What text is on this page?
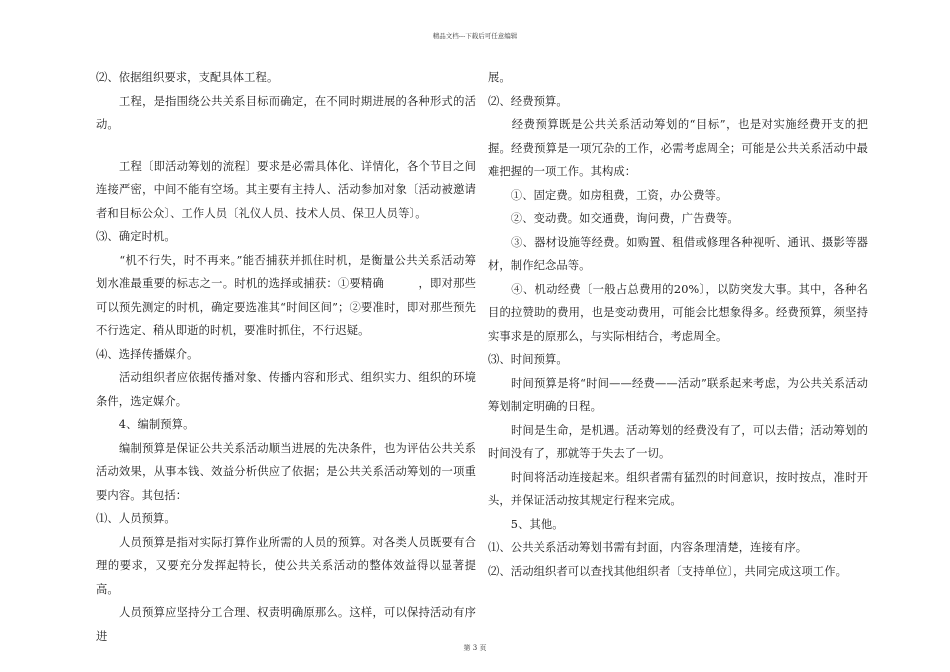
精品文档---下载后可任意编辑

⑵、依据组织要求，支配具体工程。

　　工程，是指围绕公共关系目标而确定，在不同时期进展的各种形式的活动。

　　工程〔即活动筹划的流程〕要求是必需具体化、详情化，各个节目之间连接严密，中间不能有空场。其主要有主持人、活动参加对象〔活动被邀请者和目标公众〕、工作人员〔礼仪人员、技术人员、保卫人员等〕。

⑶、确定时机。

　　“机不行失，时不再来。”能否捕获并抓住时机，是衡量公共关系活动筹划水准最重要的标志之一。时机的选择或捕获：①要精确　　　，即对那些可以预先测定的时机，确定要选准其“时间区间”；②要准时，即对那些预先不行选定、稍从即逝的时机，要准时抓住，不行迟疑。

⑷、选择传播媒介。

　　活动组织者应依据传播对象、传播内容和形式、组织实力、组织的环境条件，选定媒介。

　　4、编制预算。

　　编制预算是保证公共关系活动顺当进展的先决条件，也为评估公共关系活动效果，从事本钱、效益分析供应了依据；是公共关系活动筹划的一项重要内容。其包括：

⑴、人员预算。

　　人员预算是指对实际打算作业所需的人员的预算。对各类人员既要有合理的要求，又要充分发挥起特长，使公共关系活动的整体效益得以显著提高。

　　人员预算应坚持分工合理、权责明确原那么。这样，可以保持活动有序进

展。

⑵、经费预算。

　　经费预算既是公共关系活动筹划的“目标”，也是对实施经费开支的把握。经费预算是一项冗杂的工作，必需考虑周全；可能是公共关系活动中最难把握的一项工作。其构成：

　　①、固定费。如房租费，工资，办公费等。

　　②、变动费。如交通费，询问费，广告费等。

　　③、器材设施等经费。如购置、租借或修理各种视听、通讯、摄影等器材，制作纪念品等。

　　④、机动经费〔一般占总费用的20%〕，以防突发大事。其中，各种名目的拉赞助的费用，也是变动费用，可能会比想象得多。经费预算，须坚持实事求是的原那么，与实际相结合，考虑周全。

⑶、时间预算。

　　时间预算是将“时间——经费——活动”联系起来考虑，为公共关系活动筹划制定明确的日程。

　　时间是生命，是机遇。活动筹划的经费没有了，可以去借；活动筹划的时间没有了，那就等于失去了一切。

　　时间将活动连接起来。组织者需有猛烈的时间意识，按时按点，准时开头，并保证活动按其规定行程来完成。

　　5、其他。

⑴、公共关系活动筹划书需有封面，内容条理清楚，连接有序。

⑵、活动组织者可以查找其他组织者〔支持单位〕，共同完成这项工作。

第 3 页
